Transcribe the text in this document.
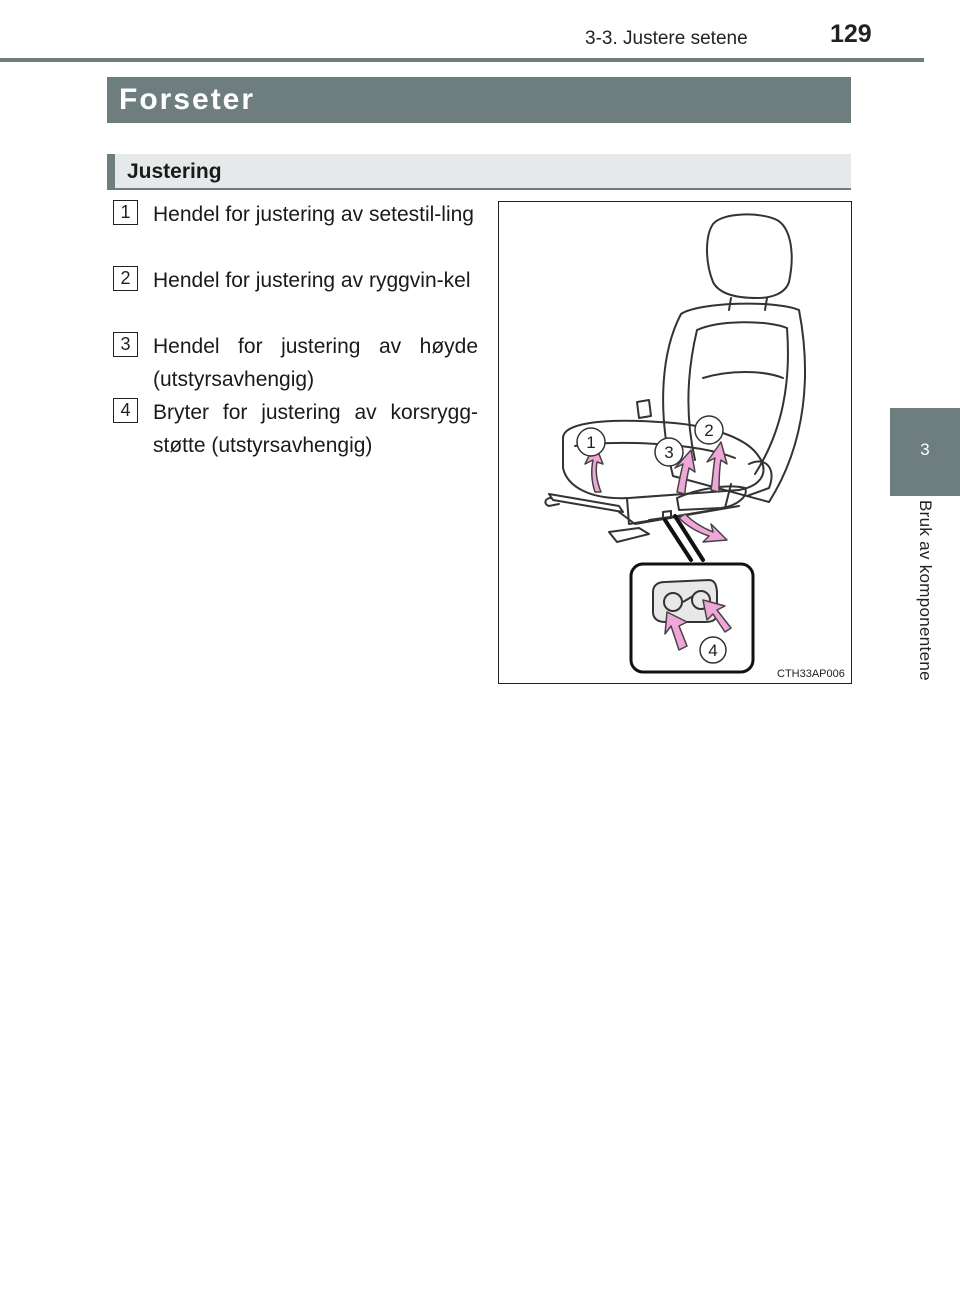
3-3. Justere setene	129
3
Bruk av komponentene
Forseter
Justering
1	Hendel for justering av setestil-ling
2	Hendel for justering av ryggvin-kel
3	Hendel for justering av høyde (utstyrsavhengig)
4	Bryter for justering av korsrygg-støtte (utstyrsavhengig)	1
2
3
4
CTH33AP006
